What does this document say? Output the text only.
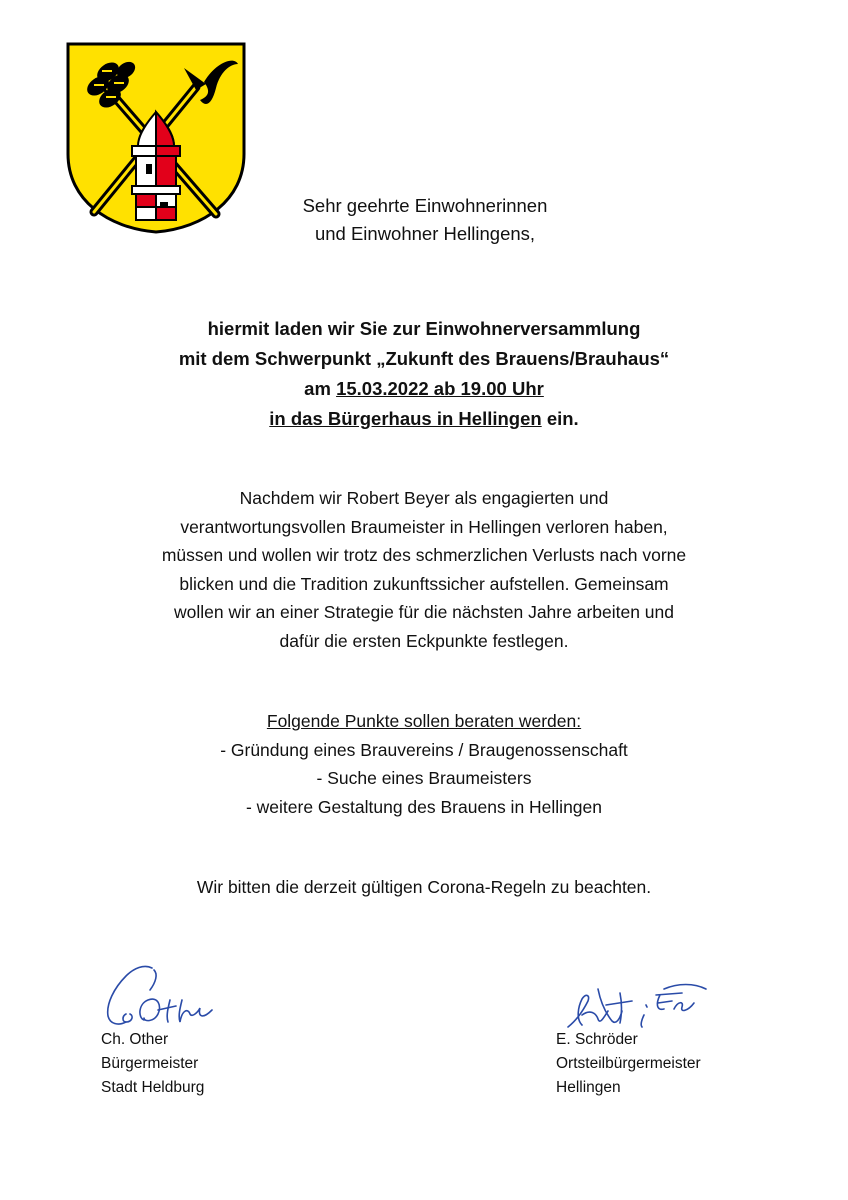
Sehr geehrte Einwohnerinnen
und Einwohner Hellingens,
hiermit laden wir Sie zur Einwohnerversammlung
mit dem Schwerpunkt „Zukunft des Brauens/Brauhaus“
am 15.03.2022 ab 19.00 Uhr
in das Bürgerhaus in Hellingen ein.
Nachdem wir Robert Beyer als engagierten und
verantwortungsvollen Braumeister in Hellingen verloren haben,
müssen und wollen wir trotz des schmerzlichen Verlusts nach vorne
blicken und die Tradition zukunftssicher aufstellen. Gemeinsam
wollen wir an einer Strategie für die nächsten Jahre arbeiten und
dafür die ersten Eckpunkte festlegen.
Folgende Punkte sollen beraten werden:
- Gründung eines Brauvereins / Braugenossenschaft
- Suche eines Braumeisters
- weitere Gestaltung des Brauens in Hellingen
Wir bitten die derzeit gültigen Corona-Regeln zu beachten.
Ch. Other
Bürgermeister
Stadt Heldburg
E. Schröder
Ortsteilbürgermeister
Hellingen
